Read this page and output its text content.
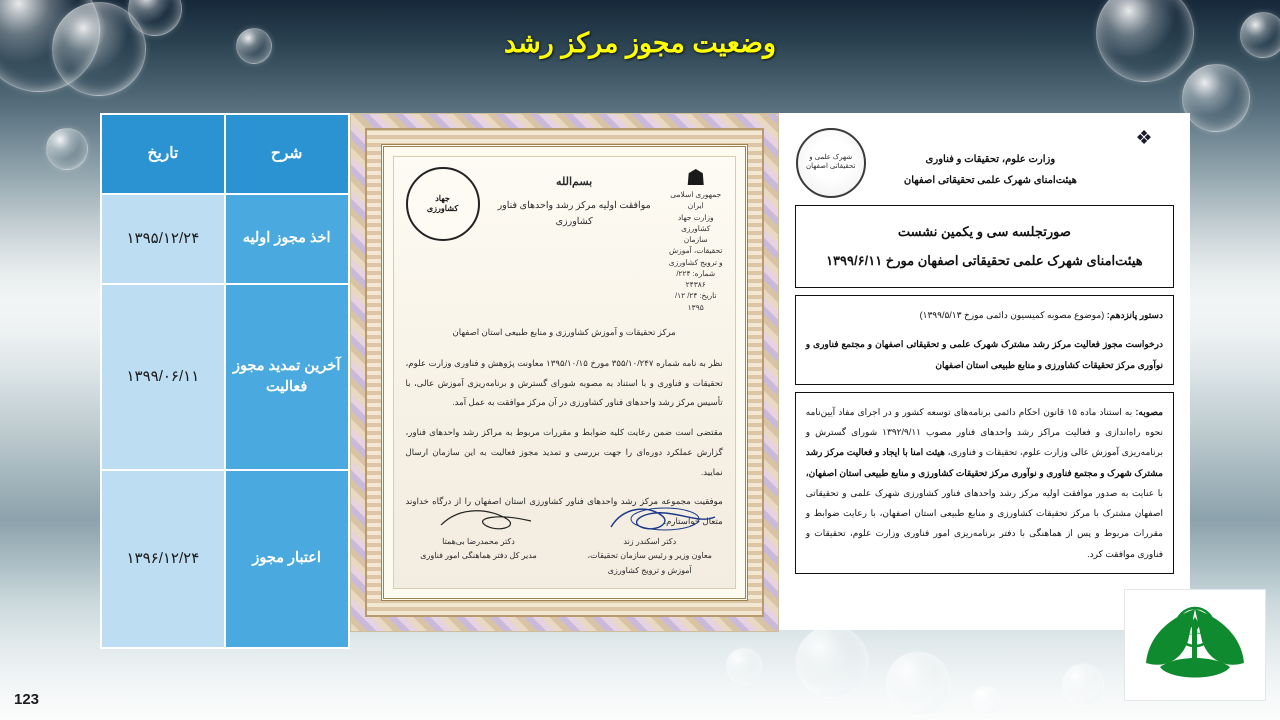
وضعیت مجوز مرکز رشد
شرح	تاریخ
اخذ مجوز اولیه	۱۳۹۵/۱۲/۲۴
آخرین تمدید مجوز فعالیت	۱۳۹۹/۰۶/۱۱
اعتبار مجوز	۱۳۹۶/۱۲/۲۴
☗
جمهوری اسلامی ایران
وزارت جهاد کشاورزی
سازمان تحقیقات، آموزش و ترویج کشاورزی
شماره: ۲۲۴/ ۲۴۳۸۶
تاریخ: ۲۴/ ۱۲/ ۱۳۹۵
بسم‌الله
موافقت اولیه مرکز رشد واحدهای فناور کشاورزی
جهاد
کشاورزی
مرکز تحقیقات و آموزش کشاورزی و منابع طبیعی استان اصفهان

نظر به نامه شماره ۳۵۵/۱۰/۲۴۷ مورخ ۱۳۹۵/۱۰/۱۵ معاونت پژوهش و فناوری وزارت علوم، تحقیقات و فناوری و با استناد به مصوبه شورای گسترش و برنامه‌ریزی آموزش عالی، با تأسیس مرکز رشد واحدهای فناور کشاورزی در آن مرکز موافقت به عمل آمد.

مقتضی است ضمن رعایت کلیه ضوابط و مقررات مربوط به مراکز رشد واحدهای فناور، گزارش عملکرد دوره‌ای را جهت بررسی و تمدید مجوز فعالیت به این سازمان ارسال نمایید.

موفقیت مجموعه مرکز رشد واحدهای فناور کشاورزی استان اصفهان را از درگاه خداوند متعال خواستارم.

دکتر اسکندر زند
معاون وزیر و رئیس سازمان تحقیقات، آموزش و ترویج کشاورزی
دکتر محمدرضا بی‌همتا
مدیر کل دفتر هماهنگی امور فناوری
❖
وزارت علوم، تحقیقات و فناوری
هیئت‌امنای شهرک علمی تحقیقاتی اصفهان
شهرک علمی و تحقیقاتی اصفهان
صورتجلسه سی و یکمین نشست
هیئت‌امنای شهرک علمی تحقیقاتی اصفهان مورخ ۱۳۹۹/۶/۱۱

دستور پانزدهم: (موضوع مصوبه کمیسیون دائمی مورخ ۱۳۹۹/۵/۱۳)

درخواست مجوز فعالیت مرکز رشد مشترک شهرک علمی و تحقیقاتی اصفهان و مجتمع فناوری و نوآوری مرکز تحقیقات کشاورزی و منابع طبیعی استان اصفهان

مصوبه: به استناد ماده ۱۵ قانون احکام دائمی برنامه‌های توسعه کشور و در اجرای مفاد آیین‌نامه نحوه راه‌اندازی و فعالیت مراکز رشد واحدهای فناور مصوب ۱۳۹۲/۹/۱۱ شورای گسترش و برنامه‌ریزی آموزش عالی وزارت علوم، تحقیقات و فناوری، هیئت امنا با ایجاد و فعالیت مرکز رشد مشترک شهرک و مجتمع فناوری و نوآوری مرکز تحقیقات کشاورزی و منابع طبیعی استان اصفهان، با عنایت به صدور موافقت اولیه مرکز رشد واحدهای فناور کشاورزی شهرک علمی و تحقیقاتی اصفهان مشترک با مرکز تحقیقات کشاورزی و منابع طبیعی استان اصفهان، با رعایت ضوابط و مقررات مربوط و پس از هماهنگی با دفتر برنامه‌ریزی امور فناوری وزارت علوم، تحقیقات و فناوری موافقت کرد.

123
جهاد
کشاورزی
